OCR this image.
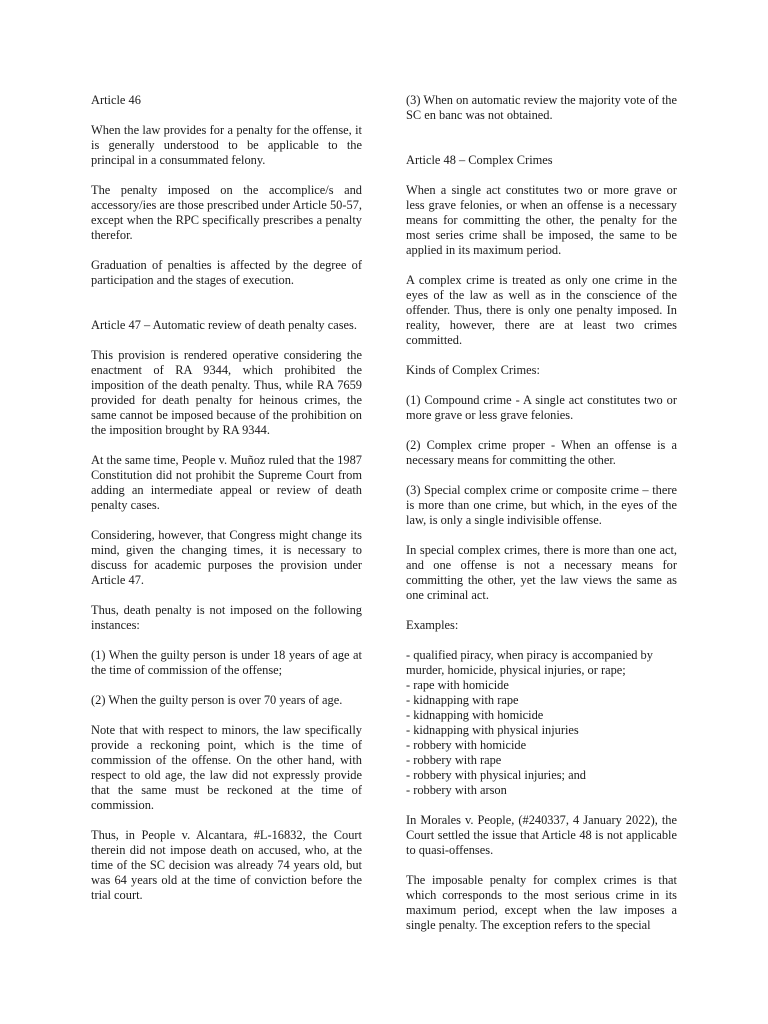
Article 46

When the law provides for a penalty for the offense, it is generally understood to be applicable to the principal in a consummated felony.

The penalty imposed on the accomplice/s and accessory/ies are those prescribed under Article 50-57, except when the RPC specifically prescribes a penalty therefor.

Graduation of penalties is affected by the degree of participation and the stages of execution.

Article 47 – Automatic review of death penalty cases.

This provision is rendered operative considering the enactment of RA 9344, which prohibited the imposition of the death penalty. Thus, while RA 7659 provided for death penalty for heinous crimes, the same cannot be imposed because of the prohibition on the imposition brought by RA 9344.

At the same time, People v. Muñoz ruled that the 1987 Constitution did not prohibit the Supreme Court from adding an intermediate appeal or review of death penalty cases.

Considering, however, that Congress might change its mind, given the changing times, it is necessary to discuss for academic purposes the provision under Article 47.

Thus, death penalty is not imposed on the following instances:

(1) When the guilty person is under 18 years of age at the time of commission of the offense;

(2) When the guilty person is over 70 years of age.

Note that with respect to minors, the law specifically provide a reckoning point, which is the time of commission of the offense. On the other hand, with respect to old age, the law did not expressly provide that the same must be reckoned at the time of commission.

Thus, in People v. Alcantara, #L-16832, the Court therein did not impose death on accused, who, at the time of the SC decision was already 74 years old, but was 64 years old at the time of conviction before the trial court.

(3) When on automatic review the majority vote of the SC en banc was not obtained.

Article 48 – Complex Crimes

When a single act constitutes two or more grave or less grave felonies, or when an offense is a necessary means for committing the other, the penalty for the most series crime shall be imposed, the same to be applied in its maximum period.

A complex crime is treated as only one crime in the eyes of the law as well as in the conscience of the offender. Thus, there is only one penalty imposed. In reality, however, there are at least two crimes committed.

Kinds of Complex Crimes:

(1) Compound crime - A single act constitutes two or more grave or less grave felonies.

(2) Complex crime proper - When an offense is a necessary means for committing the other.

(3) Special complex crime or composite crime – there is more than one crime, but which, in the eyes of the law, is only a single indivisible offense.

In special complex crimes, there is more than one act, and one offense is not a necessary means for committing the other, yet the law views the same as one criminal act.

Examples:

- qualified piracy, when piracy is accompanied by murder, homicide, physical injuries, or rape;
- rape with homicide
- kidnapping with rape
- kidnapping with homicide
- kidnapping with physical injuries
- robbery with homicide
- robbery with rape
- robbery with physical injuries; and
- robbery with arson

In Morales v. People, (#240337, 4 January 2022), the Court settled the issue that Article 48 is not applicable to quasi-offenses.

The imposable penalty for complex crimes is that which corresponds to the most serious crime in its maximum period, except when the law imposes a single penalty. The exception refers to the special
